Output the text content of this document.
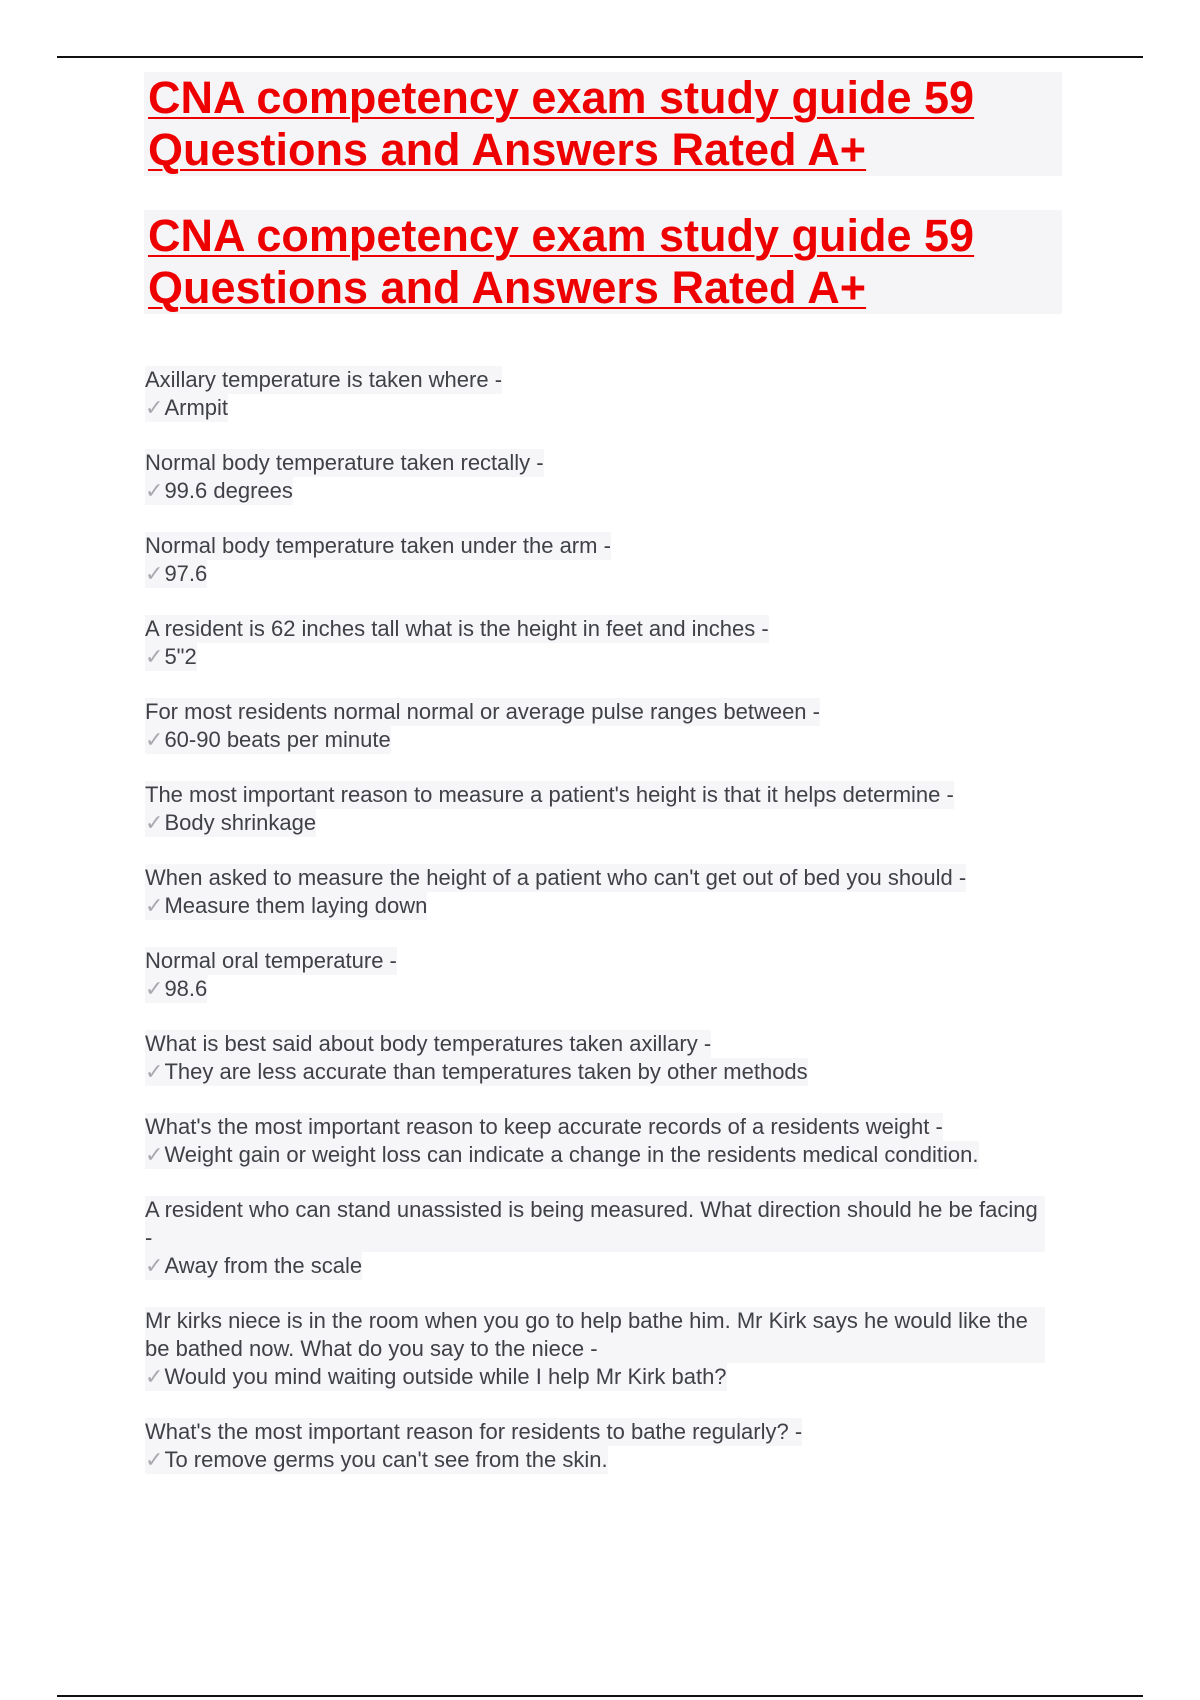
CNA competency exam study guide 59 Questions and Answers Rated A+
CNA competency exam study guide 59 Questions and Answers Rated A+
Axillary temperature is taken where -
✓Armpit
Normal body temperature taken rectally -
✓99.6 degrees
Normal body temperature taken under the arm -
✓97.6
A resident is 62 inches tall what is the height in feet and inches -
✓5"2
For most residents normal normal or average pulse ranges between -
✓60-90 beats per minute
The most important reason to measure a patient's height is that it helps determine -
✓Body shrinkage
When asked to measure the height of a patient who can't get out of bed you should -
✓Measure them laying down
Normal oral temperature -
✓98.6
What is best said about body temperatures taken axillary -
✓They are less accurate than temperatures taken by other methods
What's the most important reason to keep accurate records of a residents weight -
✓Weight gain or weight loss can indicate a change in the residents medical condition.
A resident who can stand unassisted is being measured. What direction should he be facing -
✓Away from the scale
Mr kirks niece is in the room when you go to help bathe him. Mr Kirk says he would like the be bathed now. What do you say to the niece -
✓Would you mind waiting outside while I help Mr Kirk bath?
What's the most important reason for residents to bathe regularly? -
✓To remove germs you can't see from the skin.
